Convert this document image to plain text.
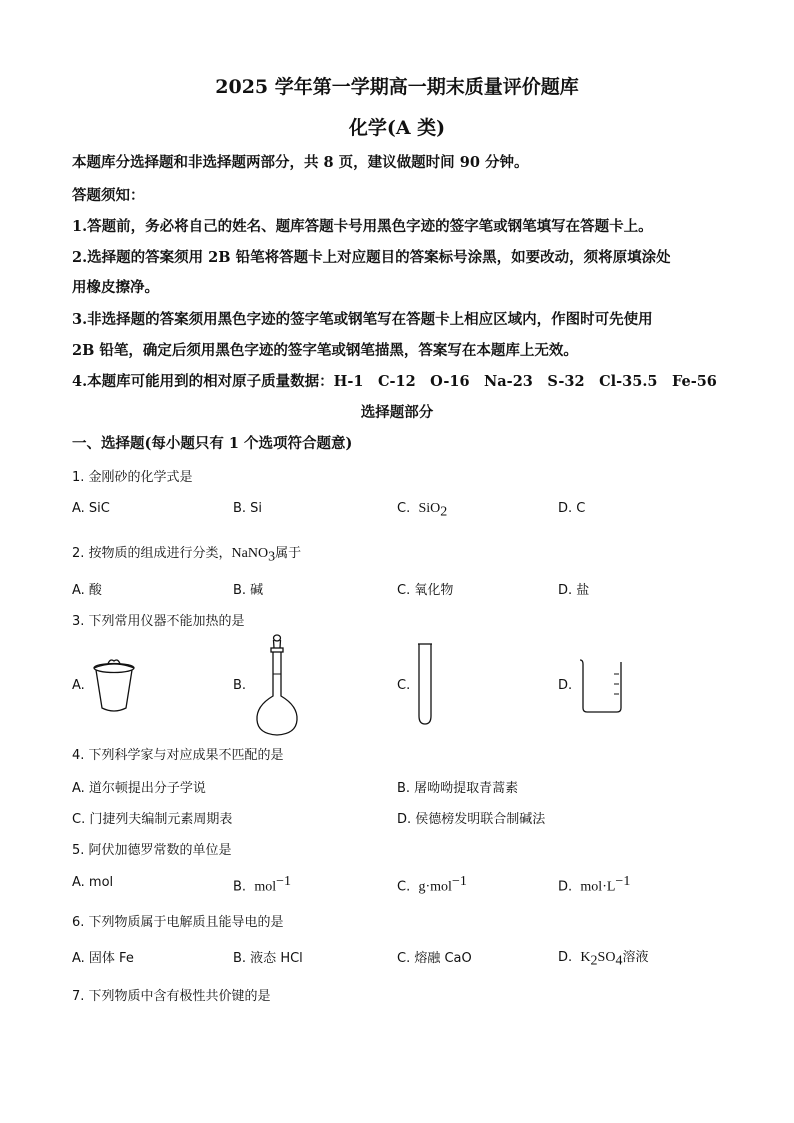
2025 学年第一学期高一期末质量评价题库
化学(A 类)
本题库分选择题和非选择题两部分，共 8 页，建议做题时间 90 分钟。
答题须知：
1.答题前，务必将自己的姓名、题库答题卡号用黑色字迹的签字笔或钢笔填写在答题卡上。
2.选择题的答案须用 2B 铅笔将答题卡上对应题目的答案标号涂黑，如要改动，须将原填涂处
用橡皮擦净。
3.非选择题的答案须用黑色字迹的签字笔或钢笔写在答题卡上相应区域内，作图时可先使用
2B 铅笔，确定后须用黑色字迹的签字笔或钢笔描黑，答案写在本题库上无效。
4.本题库可能用到的相对原子质量数据：H-1　C-12　O-16　Na-23　S-32　Cl-35.5　Fe-56
选择题部分
一、选择题(每小题只有 1 个选项符合题意)
1. 金刚砂的化学式是
A. SiC	B. Si	C. SiO$_2$	D. C
2. 按物质的组成进行分类，NaNO$_3$属于
A. 酸	B. 碱	C. 氧化物	D. 盐
3. 下列常用仪器不能加热的是
A.	B.	C.	D.
4. 下列科学家与对应成果不匹配的是
A. 道尔顿提出分子学说	B. 屠呦呦提取青蒿素
C. 门捷列夫编制元素周期表	D. 侯德榜发明联合制碱法
5. 阿伏加德罗常数的单位是
A. mol	B. mol$^{-1}$	C. g·mol$^{-1}$	D. $mol\cdot L^{-1}$
6. 下列物质属于电解质且能导电的是
A. 固体 Fe	B. 液态 HCl	C. 熔融 CaO	D. $K_2SO_4$溶液
7. 下列物质中含有极性共价键的是
